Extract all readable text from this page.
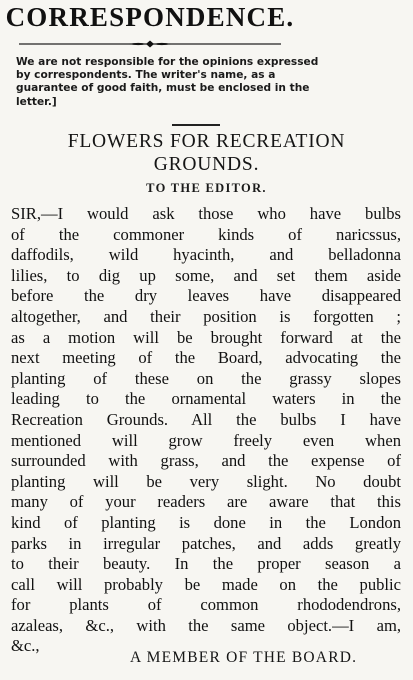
CORRESPONDENCE.
We are not responsible for the opinions expressed
by correspondents. The writer's name, as a
guarantee of good faith, must be enclosed in the
letter.]
FLOWERS FOR RECREATION
GROUNDS.
TO THE EDITOR.
SIR,—I would ask those who have bulbs
of the commoner kinds of naricssus,
daffodils, wild hyacinth, and belladonna
lilies, to dig up some, and set them aside
before the dry leaves have disappeared
altogether, and their position is forgotten ;
as a motion will be brought forward at the
next meeting of the Board, advocating the
planting of these on the grassy slopes
leading to the ornamental waters in the
Recreation Grounds. All the bulbs I have
mentioned will grow freely even when
surrounded with grass, and the expense of
planting will be very slight. No doubt
many of your readers are aware that this
kind of planting is done in the London
parks in irregular patches, and adds greatly
to their beauty. In the proper season a
call will probably be made on the public
for plants of common rhododendrons,
azaleas, &c., with the same object.—I am,
&c.,
A MEMBER OF THE BOARD.
